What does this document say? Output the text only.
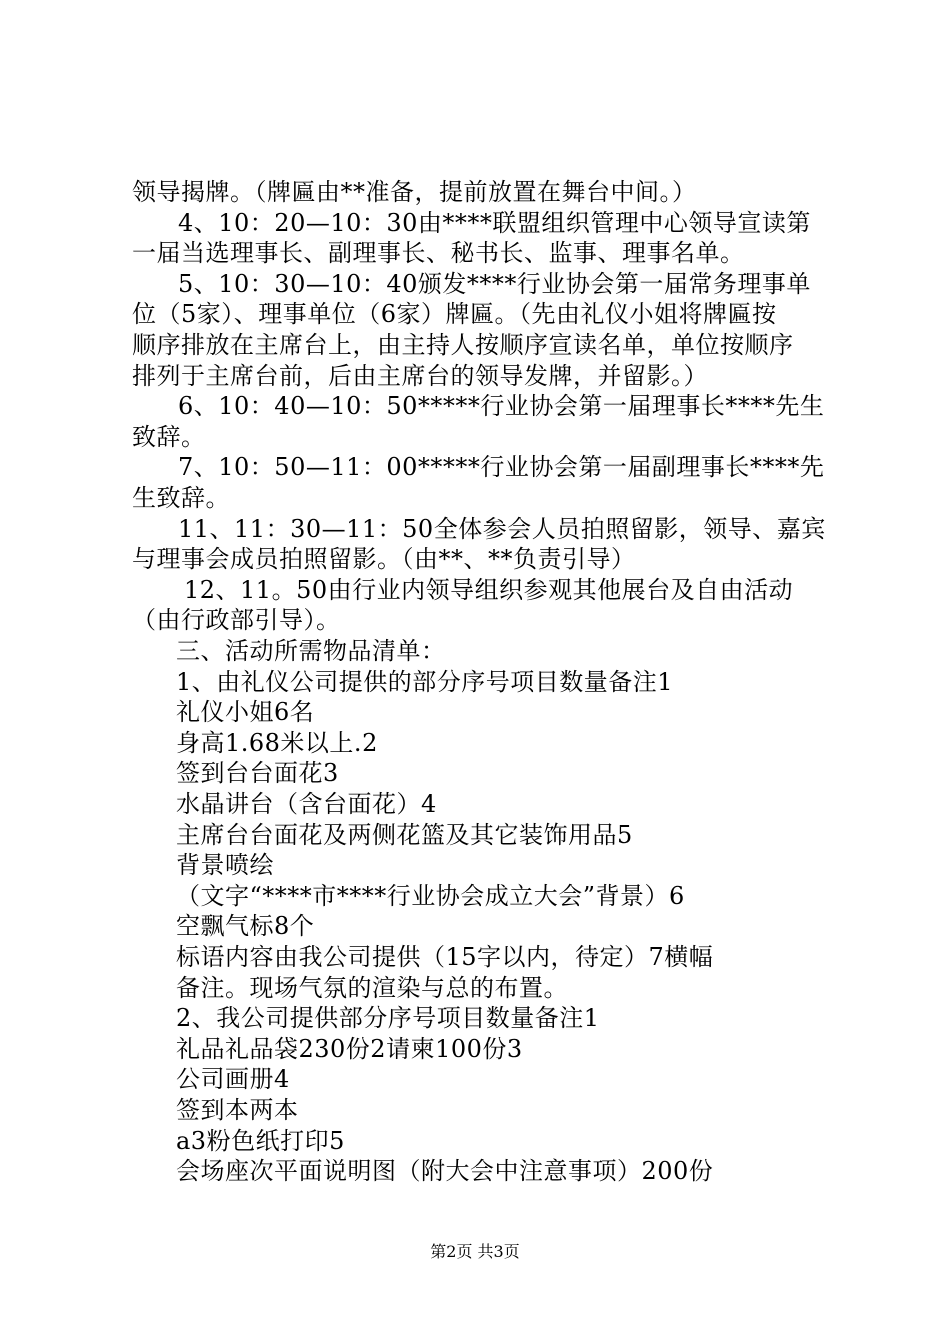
领导揭牌。（牌匾由**准备，提前放置在舞台中间。）
4、10：20—10：30由****联盟组织管理中心领导宣读第
一届当选理事长、副理事长、秘书长、监事、理事名单。
5、10：30—10：40颁发****行业协会第一届常务理事单
位（5家）、理事单位（6家）牌匾。（先由礼仪小姐将牌匾按
顺序排放在主席台上，由主持人按顺序宣读名单，单位按顺序
排列于主席台前，后由主席台的领导发牌，并留影。）
6、10：40—10：50*****行业协会第一届理事长****先生
致辞。
7、10：50—11：00*****行业协会第一届副理事长****先
生致辞。
11、11：30—11：50全体参会人员拍照留影，领导、嘉宾
与理事会成员拍照留影。（由**、**负责引导）
12、11。50由行业内领导组织参观其他展台及自由活动
（由行政部引导）。
三、活动所需物品清单：
1、由礼仪公司提供的部分序号项目数量备注1
礼仪小姐6名
身高1.68米以上.2
签到台台面花3
水晶讲台（含台面花）4
主席台台面花及两侧花篮及其它装饰用品5
背景喷绘
（文字“****市****行业协会成立大会”背景）6
空飘气标8个
标语内容由我公司提供（15字以内，待定）7横幅
备注。现场气氛的渲染与总的布置。
2、我公司提供部分序号项目数量备注1
礼品礼品袋230份2请柬100份3
公司画册4
签到本两本
a3粉色纸打印5
会场座次平面说明图（附大会中注意事项）200份
第2页 共3页
